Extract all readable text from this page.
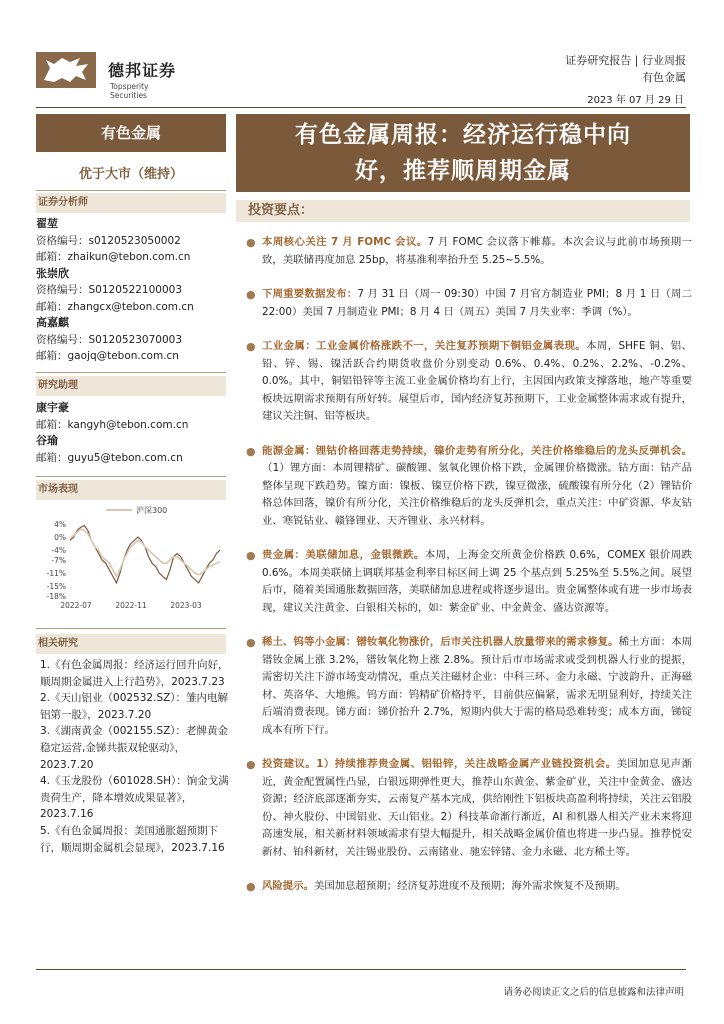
德邦证券
Topsperity Securities
证券研究报告 | 行业周报
有色金属
2023 年 07 月 29 日
有色金属
优于大市（维持）
证券分析师
翟堃
资格编号：s0120523050002
邮箱：zhaikun@tebon.com.cn
张崇欣
资格编号：S0120522100003
邮箱：zhangcx@tebon.com.cn
高嘉麒
资格编号：S0120523070003
邮箱：gaojq@tebon.com.cn
研究助理
康宇豪
邮箱：kangyh@tebon.com.cn
谷瑜
邮箱：guyu5@tebon.com.cn
市场表现
4%
0%
-4%
-7%
-11%
-15%
-18%
2022-07	2022-11	2023-03
沪深300
相关研究
1.《有色金属周报：经济运行回升向好，顺周期金属进入上行趋势》，2023.7.23
2.《天山铝业（002532.SZ）：雏内电解铝第一股》，2023.7.20
3.《湖南黄金（002155.SZ）：老牌黄金稳定运营,金锑共振双轮驱动》，2023.7.20
4.《玉龙股份（601028.SH）：饷金戈满贵荷生产，降本增效成果显著》，2023.7.16
5.《有色金属周报：美国通胀超预期下行，顺周期金属机会显现》，2023.7.16
有色金属周报：经济运行稳中向
好，推荐顺周期金属
投资要点：
● 本周核心关注 7 月 FOMC 会议。7 月 FOMC 会议落下帷幕。本次会议与此前市场预期一致，美联储再度加息 25bp，将基准利率抬升至 5.25~5.5%。
● 下周重要数据发布：7 月 31 日（周一 09:30）中国 7 月官方制造业 PMI；8 月 1 日（周二 22:00）美国 7 月制造业 PMI；8 月 4 日（周五）美国 7 月失业率：季调（%）。
● 工业金属：工业金属价格涨跌不一，关注复苏预期下铜铝金属表现。本周，SHFE 铜、铝、铅、锌、锡、镍活跃合约期货收盘价分别变动 0.6%、0.4%、0.2%、2.2%、-0.2%、0.0%。其中，铜铝铅锌等主流工业金属价格均有上行，主因国内政策支撑落地，地产等重要板块远期需求预期有所好转。展望后市，国内经济复苏预期下，工业金属整体需求或有提升，建议关注铜、铝等板块。
● 能源金属：锂钴价格回落走势持续，镍价走势有所分化，关注价格维稳后的龙头反弹机会。（1）锂方面：本周锂精矿、碳酸锂、氢氧化锂价格下跌，金属锂价格微涨。钴方面：钴产品整体呈现下跌趋势。镍方面：镍板、镍豆价格下跌，镍豆微涨，硫酸镍有所分化（2）锂钴价格总体回落，镍价有所分化，关注价格维稳后的龙头反弹机会，重点关注：中矿资源、华友钴业、寒锐钴业、赣锋锂业、天齐锂业、永兴材料。
● 贵金属：美联储加息，金银微跌。本周，上海金交所黄金价格跌 0.6%，COMEX 银价周跌 0.6%。本周美联储上调联邦基金利率目标区间上调 25 个基点到 5.25%至 5.5%之间。展望后市，随着美国通胀数据回落，美联储加息进程或将逐步退出。贵金属整体或有进一步市场表现，建议关注黄金、白银相关标的，如：紫金矿业、中金黄金、盛达资源等。
● 稀土、钨等小金属：镨钕氧化物涨价，后市关注机器人放量带来的需求修复。稀土方面：本周镨钕金属上涨 3.2%，镨钕氧化物上涨 2.8%。预计后市市场需求或受到机器人行业的提振，需密切关注下游市场变动情况，重点关注磁材企业：中科三环、金力永磁、宁波韵升、正海磁材、英洛华、大地熊。钨方面：钨精矿价格持平，目前供应偏紧，需求无明显利好，持续关注后端消费表现。锑方面：锑价抬升 2.7%，短期内供大于需的格局恐难转变；成本方面，锑锭成本有所下行。
● 投资建议。1）持续推荐贵金属、铝铅锌，关注战略金属产业链投资机会。美国加息见声渐近，黄金配置属性凸显，白银远期弹性更大，推荐山东黄金、紫金矿业，关注中金黄金、盛达资源；经济底部逐渐夯实，云南复产基本完成，供给刚性下铝板块高盈利将持续，关注云铝股份、神火股份、中国铝业、天山铝业。2）科技革命渐行渐近，AI 和机器人相关产业未来将迎高速发展，相关新材料领域需求有望大幅提升，相关战略金属价值也将进一步凸显。推荐悦安新材、铂科新材，关注锡业股份、云南锗业、驰宏锌锗、金力永磁、北方稀土等。
● 风险提示。美国加息超预期；经济复苏进度不及预期；海外需求恢复不及预期。
请务必阅读正文之后的信息披露和法律声明
